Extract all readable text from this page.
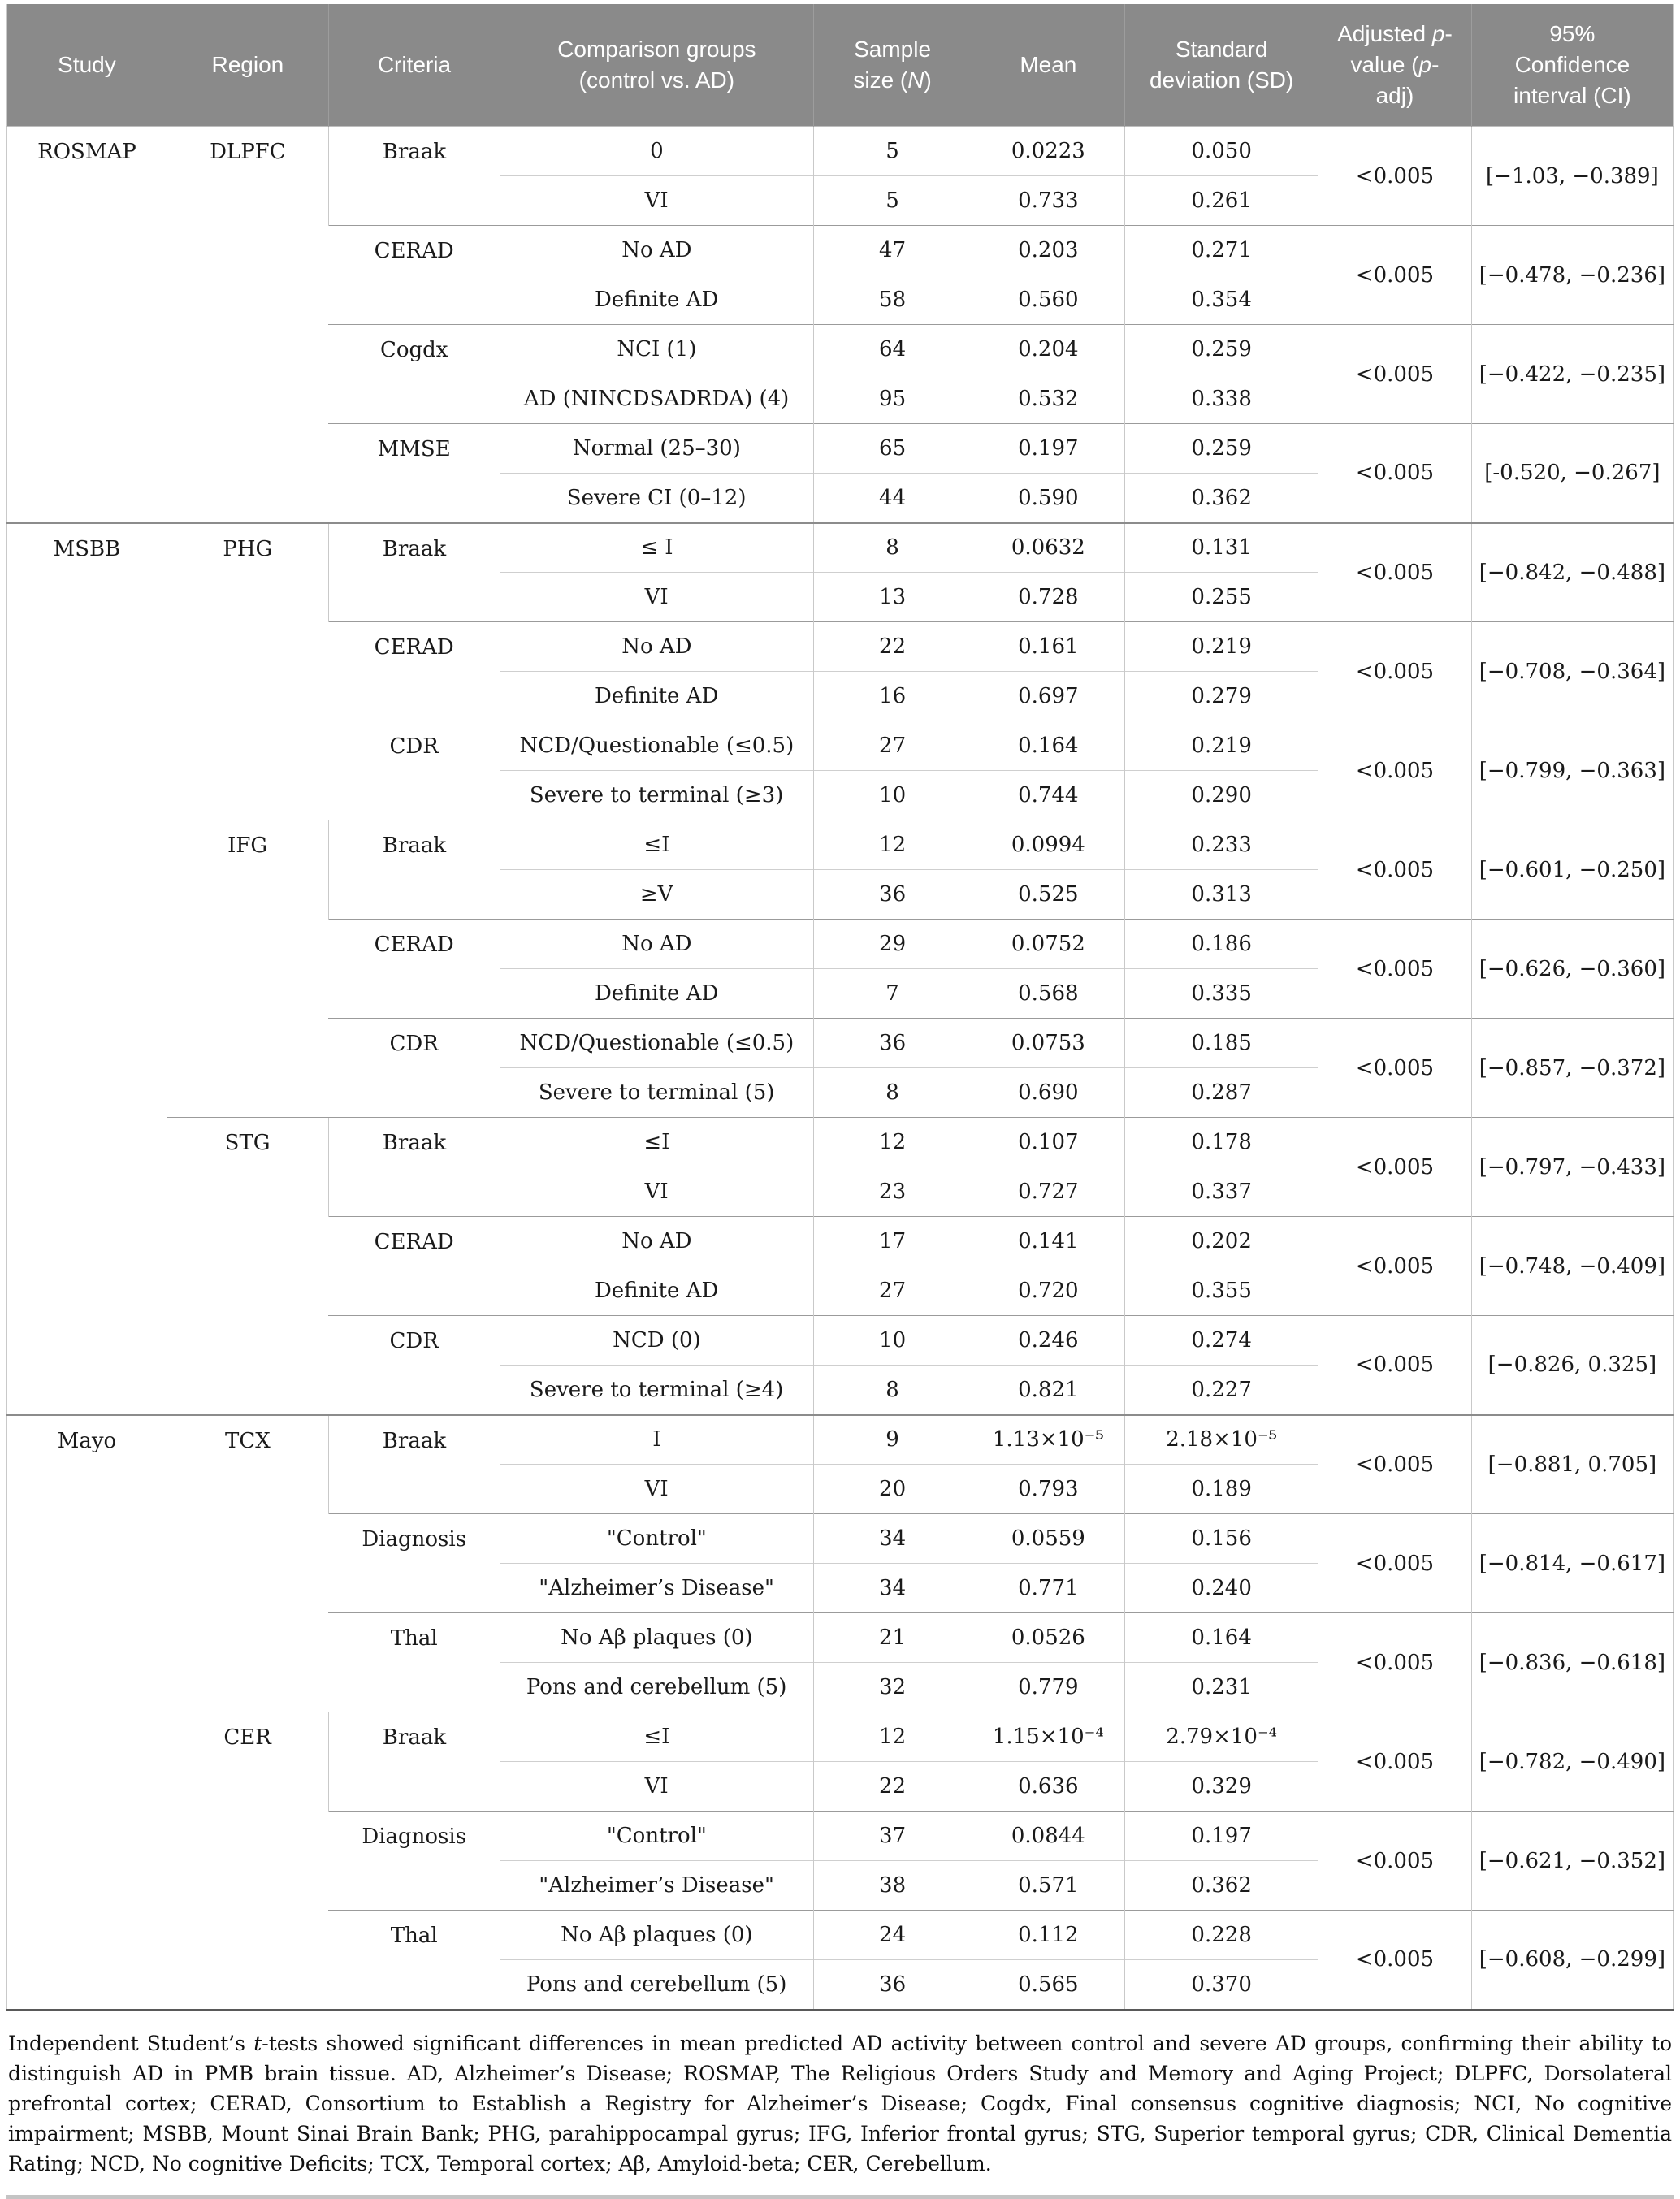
Study	Region	Criteria	Comparison groups (control vs. AD)	Sample size (N)	Mean	Standard deviation (SD)	Adjusted p-value (p-adj)	95% Confidence interval (CI)
ROSMAP	DLPFC	Braak	0	5	0.0223	0.050	<0.005	[−1.03, −0.389]
			VI	5	0.733	0.261		
		CERAD	No AD	47	0.203	0.271	<0.005	[−0.478, −0.236]
			Definite AD	58	0.560	0.354		
		Cogdx	NCI (1)	64	0.204	0.259	<0.005	[−0.422, −0.235]
			AD (NINCDSADRDA) (4)	95	0.532	0.338		
		MMSE	Normal (25–30)	65	0.197	0.259	<0.005	[-0.520, −0.267]
			Severe CI (0–12)	44	0.590	0.362		
MSBB	PHG	Braak	≤ I	8	0.0632	0.131	<0.005	[−0.842, −0.488]
			VI	13	0.728	0.255		
		CERAD	No AD	22	0.161	0.219	<0.005	[−0.708, −0.364]
			Definite AD	16	0.697	0.279		
		CDR	NCD/Questionable (≤0.5)	27	0.164	0.219	<0.005	[−0.799, −0.363]
			Severe to terminal (≥3)	10	0.744	0.290		
	IFG	Braak	≤I	12	0.0994	0.233	<0.005	[−0.601, −0.250]
			≥V	36	0.525	0.313		
		CERAD	No AD	29	0.0752	0.186	<0.005	[−0.626, −0.360]
			Definite AD	7	0.568	0.335		
		CDR	NCD/Questionable (≤0.5)	36	0.0753	0.185	<0.005	[−0.857, −0.372]
			Severe to terminal (5)	8	0.690	0.287		
	STG	Braak	≤I	12	0.107	0.178	<0.005	[−0.797, −0.433]
			VI	23	0.727	0.337		
		CERAD	No AD	17	0.141	0.202	<0.005	[−0.748, −0.409]
			Definite AD	27	0.720	0.355		
		CDR	NCD (0)	10	0.246	0.274	<0.005	[−0.826, 0.325]
			Severe to terminal (≥4)	8	0.821	0.227		
Mayo	TCX	Braak	I	9	1.13×10⁻⁵	2.18×10⁻⁵	<0.005	[−0.881, 0.705]
			VI	20	0.793	0.189		
		Diagnosis	"Control"	34	0.0559	0.156	<0.005	[−0.814, −0.617]
			"Alzheimer’s Disease"	34	0.771	0.240		
		Thal	No Aβ plaques (0)	21	0.0526	0.164	<0.005	[−0.836, −0.618]
			Pons and cerebellum (5)	32	0.779	0.231		
	CER	Braak	≤I	12	1.15×10⁻⁴	2.79×10⁻⁴	<0.005	[−0.782, −0.490]
			VI	22	0.636	0.329		
		Diagnosis	"Control"	37	0.0844	0.197	<0.005	[−0.621, −0.352]
			"Alzheimer’s Disease"	38	0.571	0.362		
		Thal	No Aβ plaques (0)	24	0.112	0.228	<0.005	[−0.608, −0.299]
			Pons and cerebellum (5)	36	0.565	0.370		

Independent Student’s t-tests showed significant differences in mean predicted AD activity between control and severe AD groups, confirming their ability to distinguish AD in PMB brain tissue. AD, Alzheimer’s Disease; ROSMAP, The Religious Orders Study and Memory and Aging Project; DLPFC, Dorsolateral prefrontal cortex; CERAD, Consortium to Establish a Registry for Alzheimer’s Disease; Cogdx, Final consensus cognitive diagnosis; NCI, No cognitive impairment; MSBB, Mount Sinai Brain Bank; PHG, parahippocampal gyrus; IFG, Inferior frontal gyrus; STG, Superior temporal gyrus; CDR, Clinical Dementia Rating; NCD, No cognitive Deficits; TCX, Temporal cortex; Aβ, Amyloid-beta; CER, Cerebellum.
